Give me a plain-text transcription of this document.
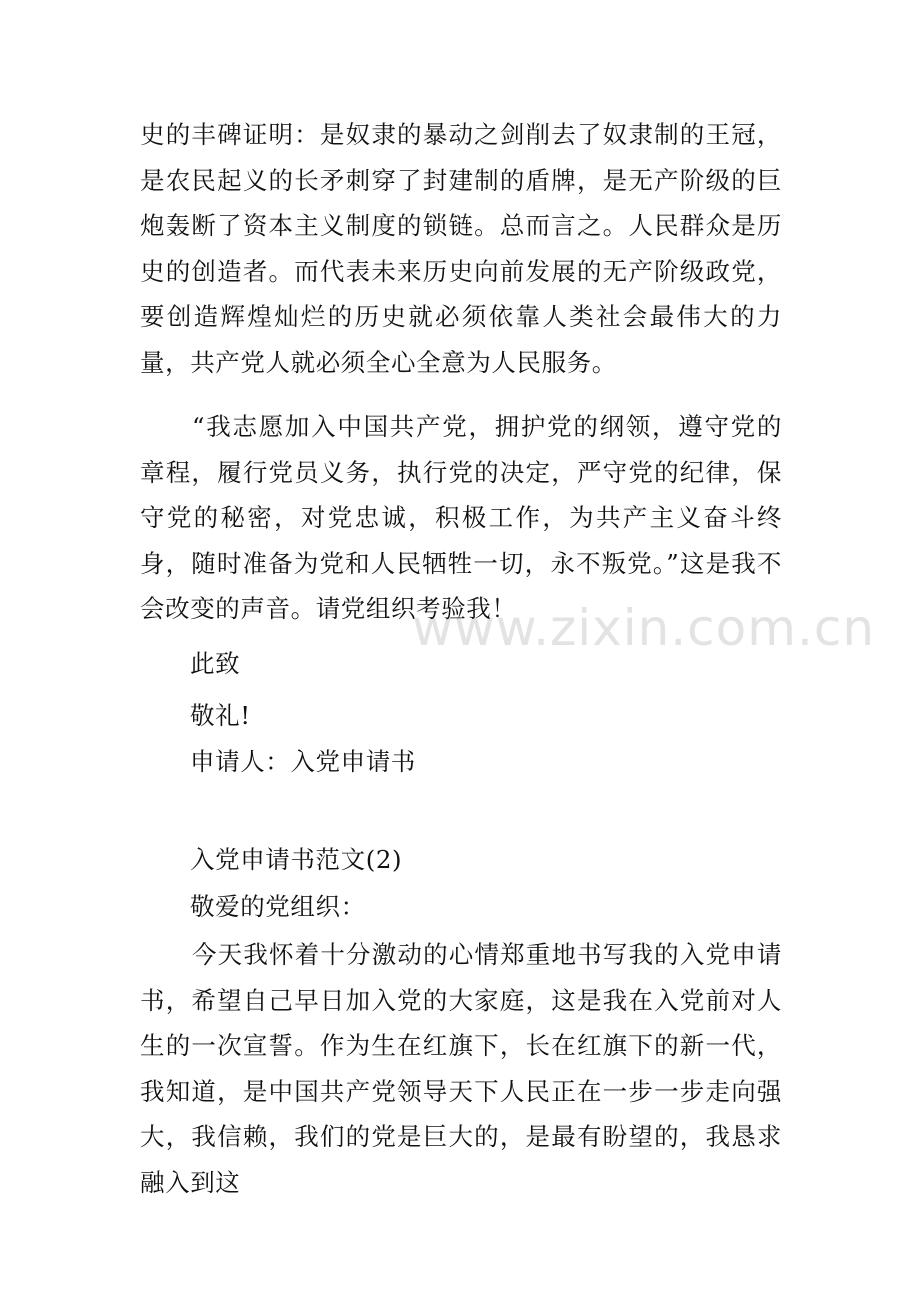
www.zixin.com.cn

史的丰碑证明：是奴隶的暴动之剑削去了奴隶制的王冠，是农民起义的长矛刺穿了封建制的盾牌，是无产阶级的巨炮轰断了资本主义制度的锁链。总而言之。人民群众是历史的创造者。而代表未来历史向前发展的无产阶级政党，要创造辉煌灿烂的历史就必须依靠人类社会最伟大的力量，共产党人就必须全心全意为人民服务。

“我志愿加入中国共产党，拥护党的纲领，遵守党的章程，履行党员义务，执行党的决定，严守党的纪律，保守党的秘密，对党忠诚，积极工作，为共产主义奋斗终身，随时准备为党和人民牺牲一切，永不叛党。”这是我不会改变的声音。请党组织考验我！

此致

敬礼!

申请人：入党申请书

入党申请书范文(2)

敬爱的党组织：

今天我怀着十分激动的心情郑重地书写我的入党申请书，希望自己早日加入党的大家庭，这是我在入党前对人生的一次宣誓。作为生在红旗下，长在红旗下的新一代，我知道，是中国共产党领导天下人民正在一步一步走向强大，我信赖，我们的党是巨大的，是最有盼望的，我恳求融入到这
